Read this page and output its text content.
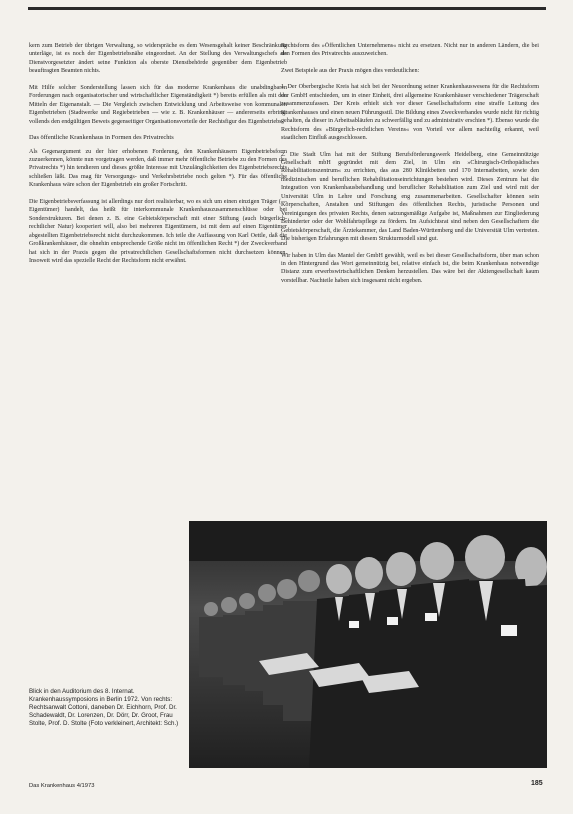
kern zum Betrieb der übrigen Verwaltung, so widerspräche es dem Wesensgehalt keiner Beschränkung unterläge, ist es noch der Eigenbetriebsnähe eingeordnet. An der Stellung des Verwaltungschefs als Dienstvorgesetzter ändert seine Funktion als oberste Dienstbehörde gegenüber dem Eigenbetrieb beauftragten Beamten nichts.

Mit Hilfe solcher Sonderstellung lassen sich für das moderne Krankenhaus die unabdingbaren Forderungen nach organisatorischer und wirtschaftlicher Eigenständigkeit *) bereits erfüllen als mit den Mitteln der Eigenanstalt. — Die Vergleich zwischen Entwicklung und Arbeitsweise von kommunalen Eigenbetrieben (Stadtwerke und Regiebetrieben — wie z. B. Krankenhäuser — andererseits erbringt vollends den endgültigen Beweis gegenseitiger Organisationsvorteile der Rechtsfigur des Eigenbetriebs.

Das öffentliche Krankenhaus in Formen des Privatrechts

Als Gegenargument zu der hier erhobenen Forderung, den Krankenhäusern Eigenbetriebsform zuzuerkennen, könnte nun vorgetragen werden, daß immer mehr öffentliche Betriebe zu den Formen des Privatrechts *) hin tendieren und dieses größte Interesse mit Unzulänglichkeiten des Eigenbetriebsrechts schließen läßt. Das mag für Versorgungs- und Verkehrsbetriebe noch gelten *). Für das öffentliche Krankenhaus wäre schon der Eigenbetrieb ein großer Fortschritt.

Die Eigenbetriebsverfassung ist allerdings nur dort realisierbar, wo es sich um einen einzigen Träger (— Eigentümer) handelt, das heißt für interkommunale Krankenhauszusammenschlüsse oder bei Sonderstrukturen. Bei denen z. B. eine Gebietskörperschaft mit einer Stiftung (auch bürgerlich-rechtlicher Natur) kooperiert will, also bei mehreren Eigentümern, ist mit dem auf einen Eigentümer abgestellten Eigenbetriebsrecht nicht durchzukommen. Ich teile die Auffassung von Karl Oettle, daß die Großkrankenhäuser, die ohnehin entsprechende Größe nicht im öffentlichen Recht *) der Zweckverband hat sich in der Praxis gegen die privatrechtlichen Gesellschaftsformen nicht durchsetzen können. Insoweit wird das spezielle Recht der Rechtsform nicht erwähnt.

Rechtsform des »Öffentlichen Unternehmens« nicht zu ersetzen. Nicht nur in anderen Ländern, die bei den Formen des Privatrechts auszuweichen.

Zwei Beispiele aus der Praxis mögen dies verdeutlichen:

1. Der Oberbergische Kreis hat sich bei der Neuordnung seiner Krankenhauswesens für die Rechtsform der GmbH entschieden, um in einer Einheit, drei allgemeine Krankenhäuser verschiedener Trägerschaft zusammenzufassen. Der Kreis erhielt sich vor dieser Gesellschaftsform eine straffe Leitung des Krankenhauses und einen neuen Führungsstil. Die Bildung eines Zweckverbandes wurde nicht für richtig gehalten, da dieser in Arbeitsabläufen zu schwerfällig und zu administrativ erschien *). Ebenso wurde die Rechtsform des »Bürgerlich-rechtlichen Vereins« von Vorteil vor allem nachteilig erkannt, weil staatlichen Einfluß ausgeschlossen.

2. Die Stadt Ulm hat mit der Stiftung Berufsförderungswerk Heidelberg, eine Gemeinnützige Gesellschaft mbH gegründet mit dem Ziel, in Ulm ein »Chirurgisch-Orthopädisches Rehabilitationszentrum« zu errichten, das aus 280 Klinikbetten und 170 Internatbetten, sowie den medizinischen und beruflichen Rehabilitationseinrichtungen bestehen wird. Dieses Zentrum hat die Integration von Krankenhausbehandlung und beruflicher Rehabilitation zum Ziel und wird mit der Universität Ulm in Lehre und Forschung eng zusammenarbeiten. Gesellschafter können sein Körperschaften, Anstalten und Stiftungen des öffentlichen Rechts, juristische Personen und Vereinigungen des privaten Rechts, denen satzungsmäßige Aufgabe ist, Maßnahmen zur Eingliederung Behinderter oder der Wohlfahrtspflege zu fördern. Im Aufsichtsrat sind neben den Gesellschaftern die Gebietskörperschaft, die Ärztekammer, das Land Baden-Württemberg und die Universität Ulm vertreten. Die bisherigen Erfahrungen mit diesem Strukturmodell sind gut.

Wir haben in Ulm das Mantel der GmbH gewählt, weil es bei dieser Gesellschaftsform, über man schon in den Hintergrund das Wort gemeinnützig bei, relative einfach ist, die beim Krankenhaus notwendige Distanz zum erwerbswirtschaftlichen Denken herzustellen. Das wäre bei der Aktiengesellschaft kaum vorstellbar. Nachteile haben sich insgesamt nicht ergeben.

Blick in den Auditorium des 8. Internat. Krankenhaussymposions in Berlin 1972. Von rechts: Rechtsanwalt Cottoni, daneben Dr. Eichhorn, Prof. Dr. Schadewaldt, Dr. Lorenzen, Dr. Dörr, Dr. Groot, Frau Stolte, Prof. D. Stolte (Foto verkleinert, Architekt: Sch.)
Das Krankenhaus 4/1973	185
